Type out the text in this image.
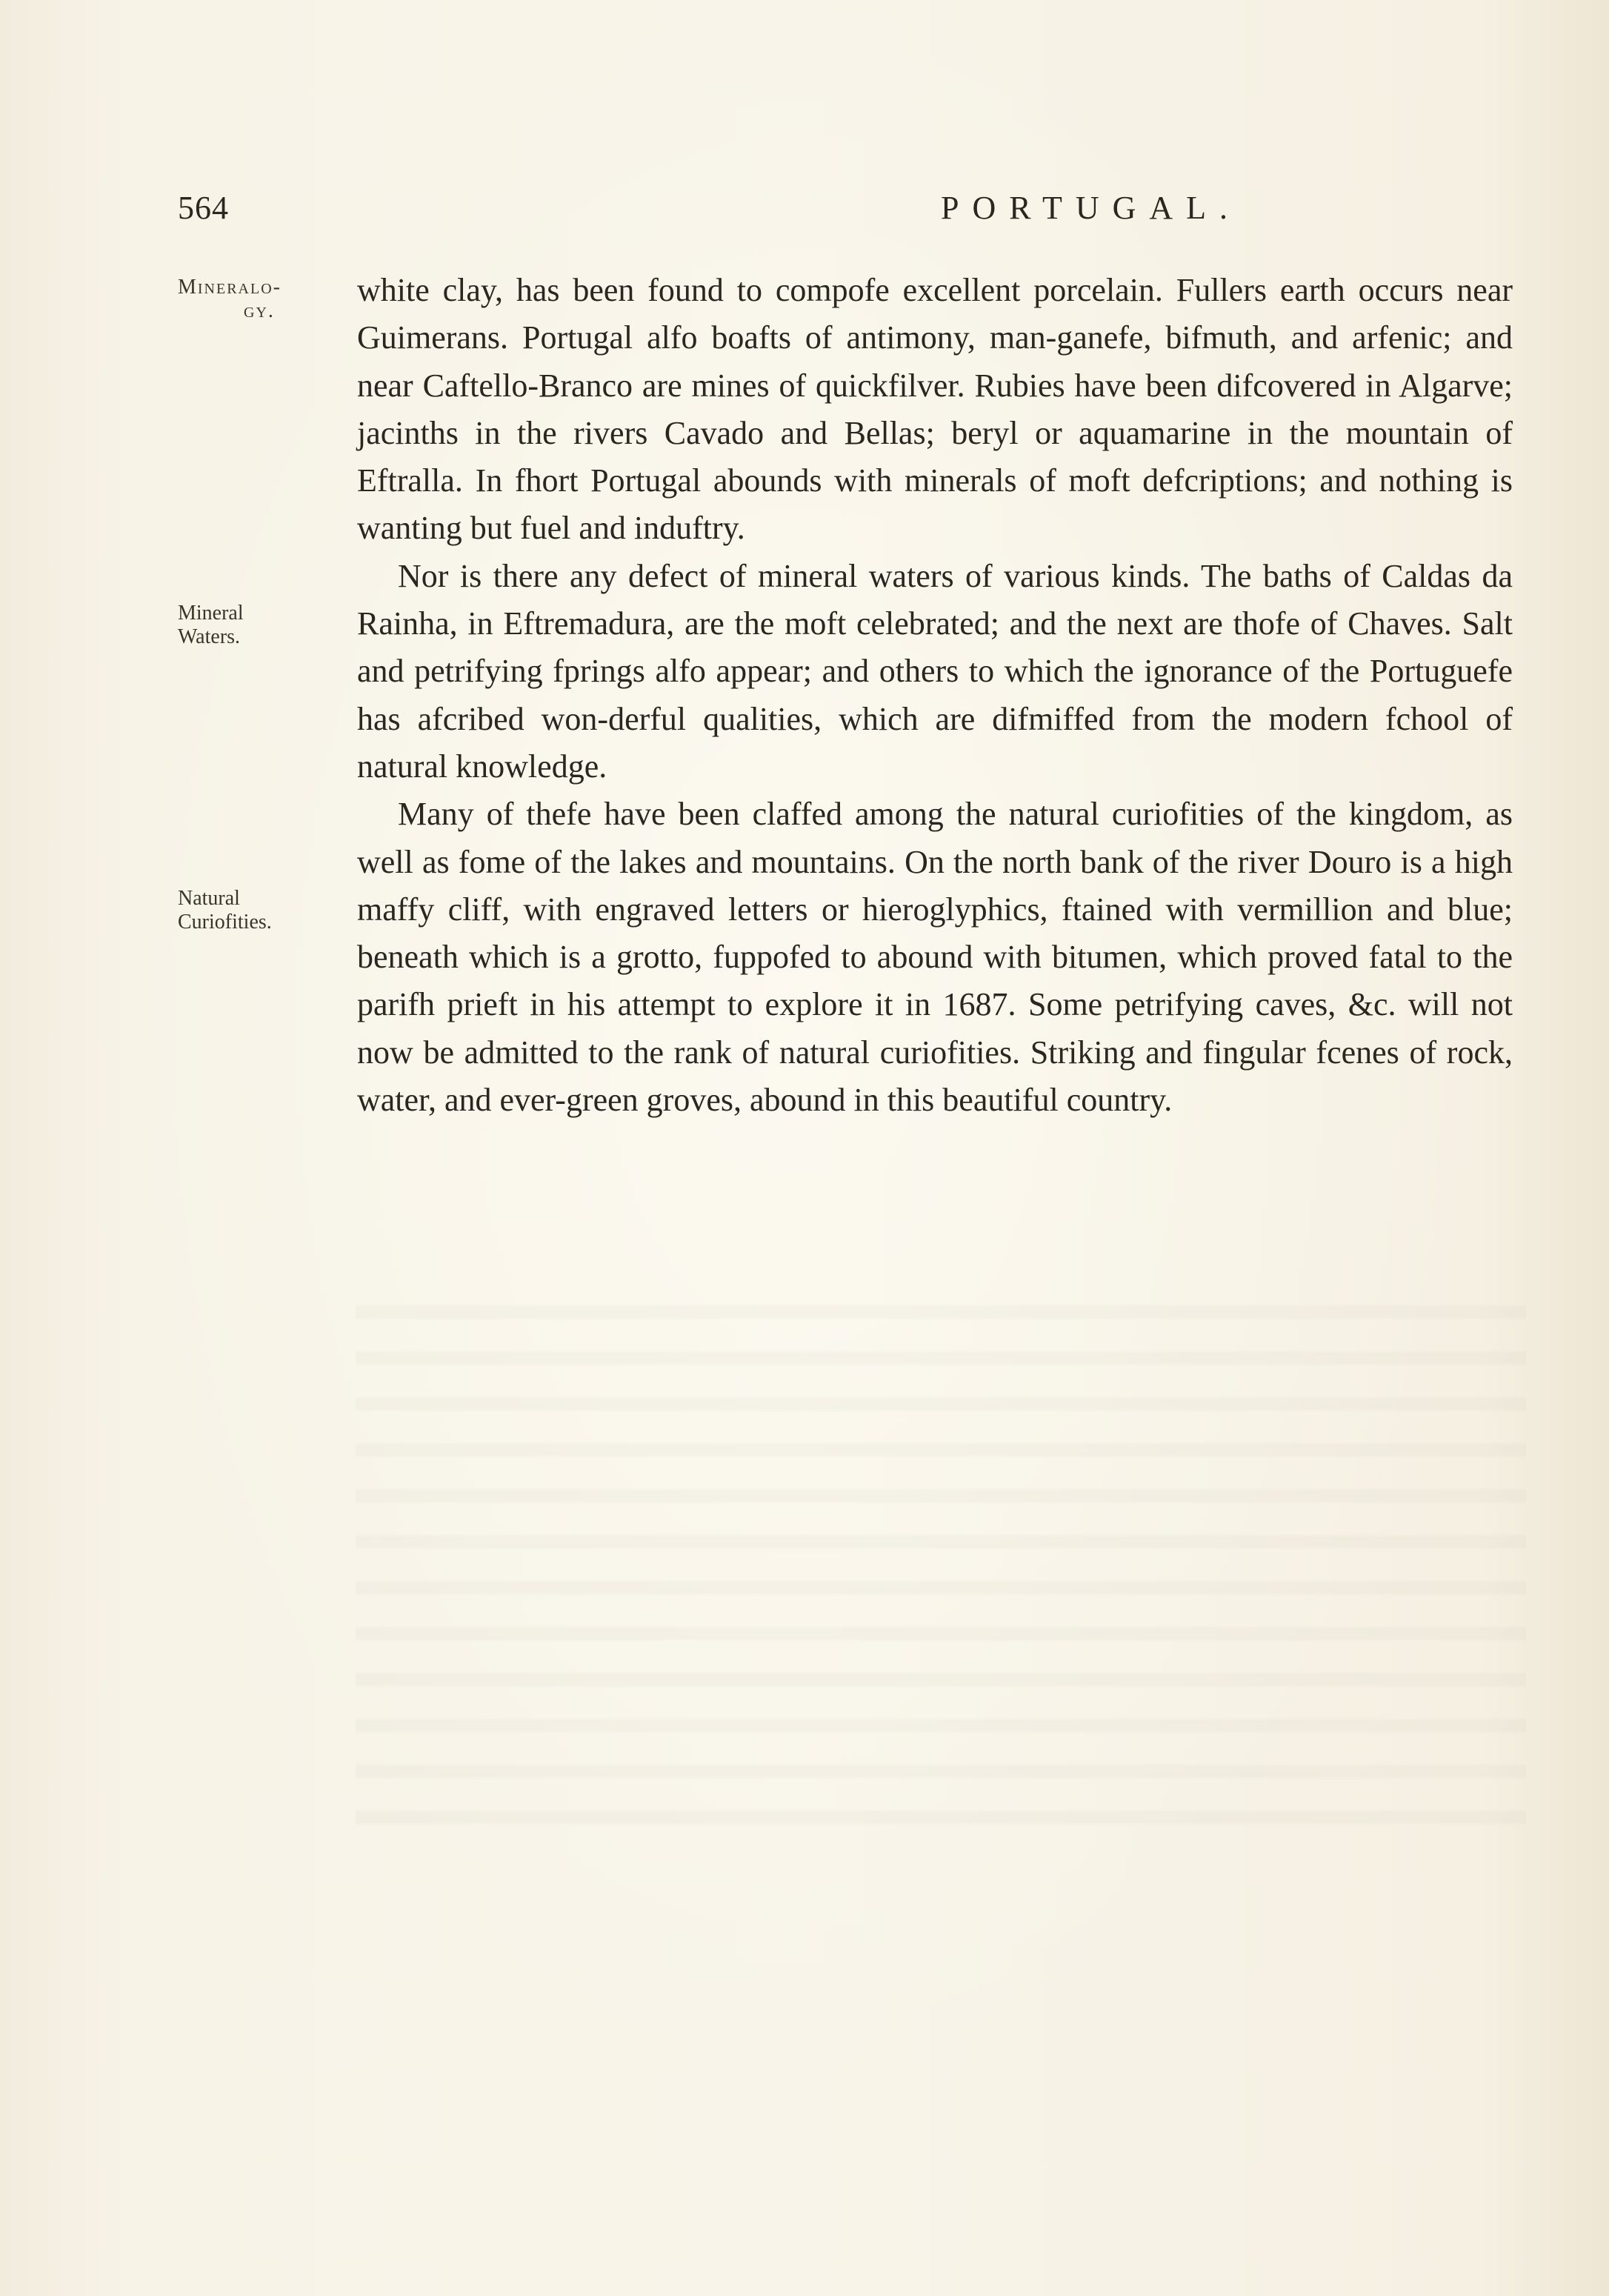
564	PORTUGAL.
Mineralo-
gy.
Mineral
Waters.
Natural
Curiofities.

white clay, has been found to compofe excellent porcelain. Fullers earth occurs near Guimerans. Portugal alfo boafts of antimony, man-ganefe, bifmuth, and arfenic; and near Caftello-Branco are mines of quickfilver. Rubies have been difcovered in Algarve; jacinths in the rivers Cavado and Bellas; beryl or aquamarine in the mountain of Eftralla. In fhort Portugal abounds with minerals of moft defcriptions; and nothing is wanting but fuel and induftry.

Nor is there any defect of mineral waters of various kinds. The baths of Caldas da Rainha, in Eftremadura, are the moft celebrated; and the next are thofe of Chaves. Salt and petrifying fprings alfo appear; and others to which the ignorance of the Portuguefe has afcribed won-derful qualities, which are difmiffed from the modern fchool of natural knowledge.

Many of thefe have been claffed among the natural curiofities of the kingdom, as well as fome of the lakes and mountains. On the north bank of the river Douro is a high maffy cliff, with engraved letters or hieroglyphics, ftained with vermillion and blue; beneath which is a grotto, fuppofed to abound with bitumen, which proved fatal to the parifh prieft in his attempt to explore it in 1687. Some petrifying caves, &c. will not now be admitted to the rank of natural curiofities. Striking and fingular fcenes of rock, water, and ever-green groves, abound in this beautiful country.
